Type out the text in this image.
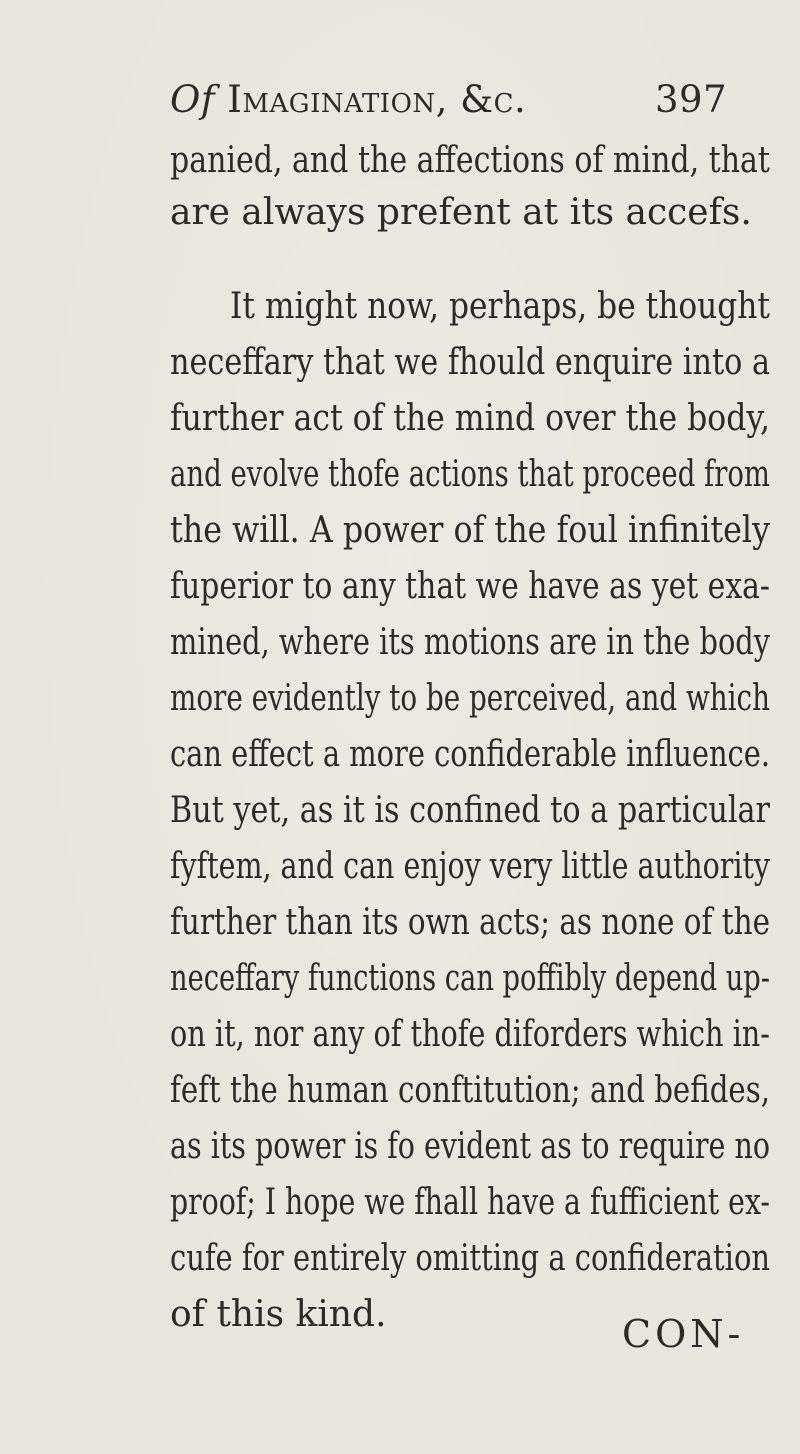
Of Imagination, &c.	397
panied, and the affections of mind, that
are always prefent at its accefs.
It might now, perhaps, be thought
neceffary that we fhould enquire into a
further act of the mind over the body,
and evolve thofe actions that proceed from
the will. A power of the foul infinitely
fuperior to any that we have as yet exa-
mined, where its motions are in the body
more evidently to be perceived, and which
can effect a more confiderable influence.
But yet, as it is confined to a particular
fyftem, and can enjoy very little authority
further than its own acts; as none of the
neceffary functions can poffibly depend up-
on it, nor any of thofe diforders which in-
feft the human conftitution; and befides,
as its power is fo evident as to require no
proof; I hope we fhall have a fufficient ex-
cufe for entirely omitting a confideration
of this kind.	CON-
